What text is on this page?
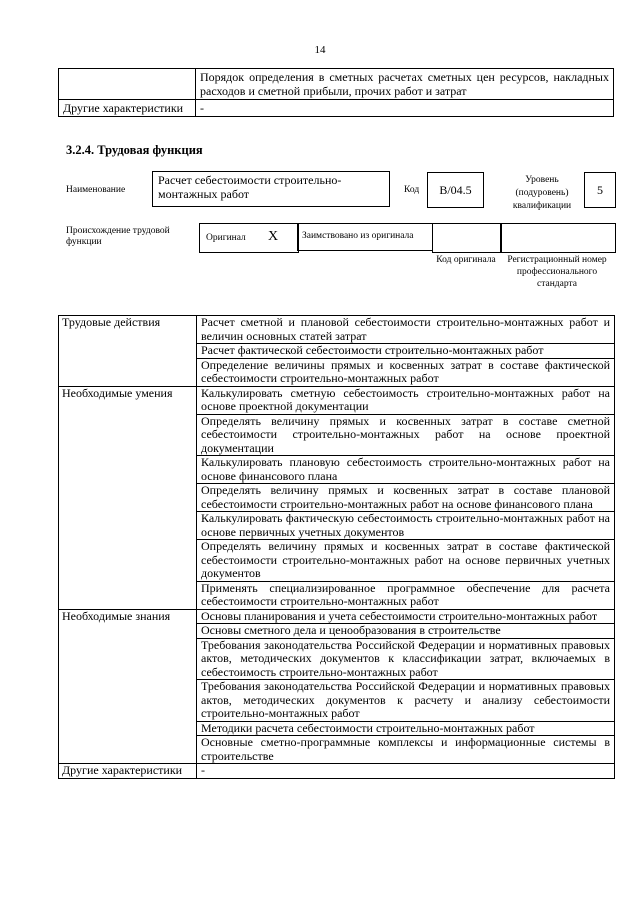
14
	Порядок определения в сметных расчетах сметных цен ресурсов, накладных расходов и сметной прибыли, прочих работ и затрат
Другие характеристики	-
3.2.4. Трудовая функция
Наименование
Расчет себестоимости строительно-монтажных работ	Код	B/04.5
Уровень (подуровень) квалификации
5
Происхождение трудовой функции	Оригинал X	Заимствовано из оригинала
Код оригинала	Регистрационный номер профессионального стандарта
Трудовые действия	Расчет сметной и плановой себестоимости строительно-монтажных работ и величин основных статей затрат
	Расчет фактической себестоимости строительно-монтажных работ
	Определение величины прямых и косвенных затрат в составе фактической себестоимости строительно-монтажных работ
Необходимые умения	Калькулировать сметную себестоимость строительно-монтажных работ на основе проектной документации
	Определять величину прямых и косвенных затрат в составе сметной себестоимости строительно-монтажных работ на основе проектной документации
	Калькулировать плановую себестоимость строительно-монтажных работ на основе финансового плана
	Определять величину прямых и косвенных затрат в составе плановой себестоимости строительно-монтажных работ на основе финансового плана
	Калькулировать фактическую себестоимость строительно-монтажных работ на основе первичных учетных документов
	Определять величину прямых и косвенных затрат в составе фактической себестоимости строительно-монтажных работ на основе первичных учетных документов
	Применять специализированное программное обеспечение для расчета себестоимости строительно-монтажных работ
Необходимые знания	Основы планирования и учета себестоимости строительно-монтажных работ
	Основы сметного дела и ценообразования в строительстве
	Требования законодательства Российской Федерации и нормативных правовых актов, методических документов к классификации затрат, включаемых в себестоимость строительно-монтажных работ
	Требования законодательства Российской Федерации и нормативных правовых актов, методических документов к расчету и анализу себестоимости строительно-монтажных работ
	Методики расчета себестоимости строительно-монтажных работ
	Основные сметно-программные комплексы и информационные системы в строительстве
Другие характеристики	-
